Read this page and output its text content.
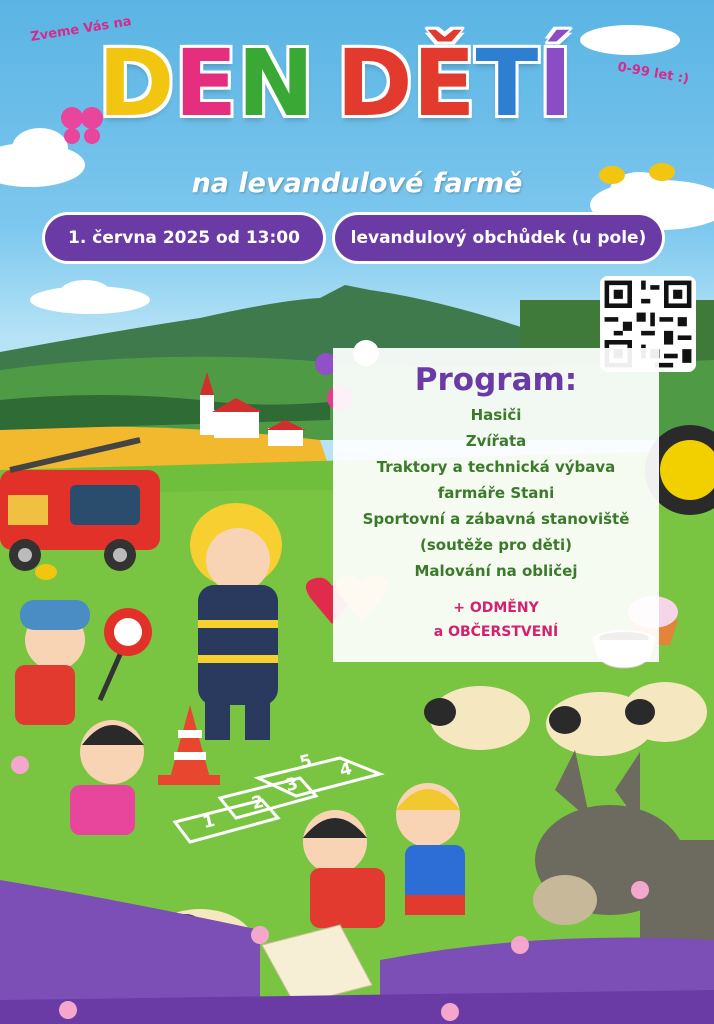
1
2
3
4
5
Zveme Vás na
0-99 let :)
DEN DĚTÍ
na levandulové farmě
1. června 2025 od 13:00	levandulový obchůdek (u pole)
Program:
Hasiči
Zvířata
Traktory a technická výbava
farmáře Stani
Sportovní a zábavná stanoviště
(soutěže pro děti)
Malování na obličej
+ ODMĚNY
a OBČERSTVENÍ
